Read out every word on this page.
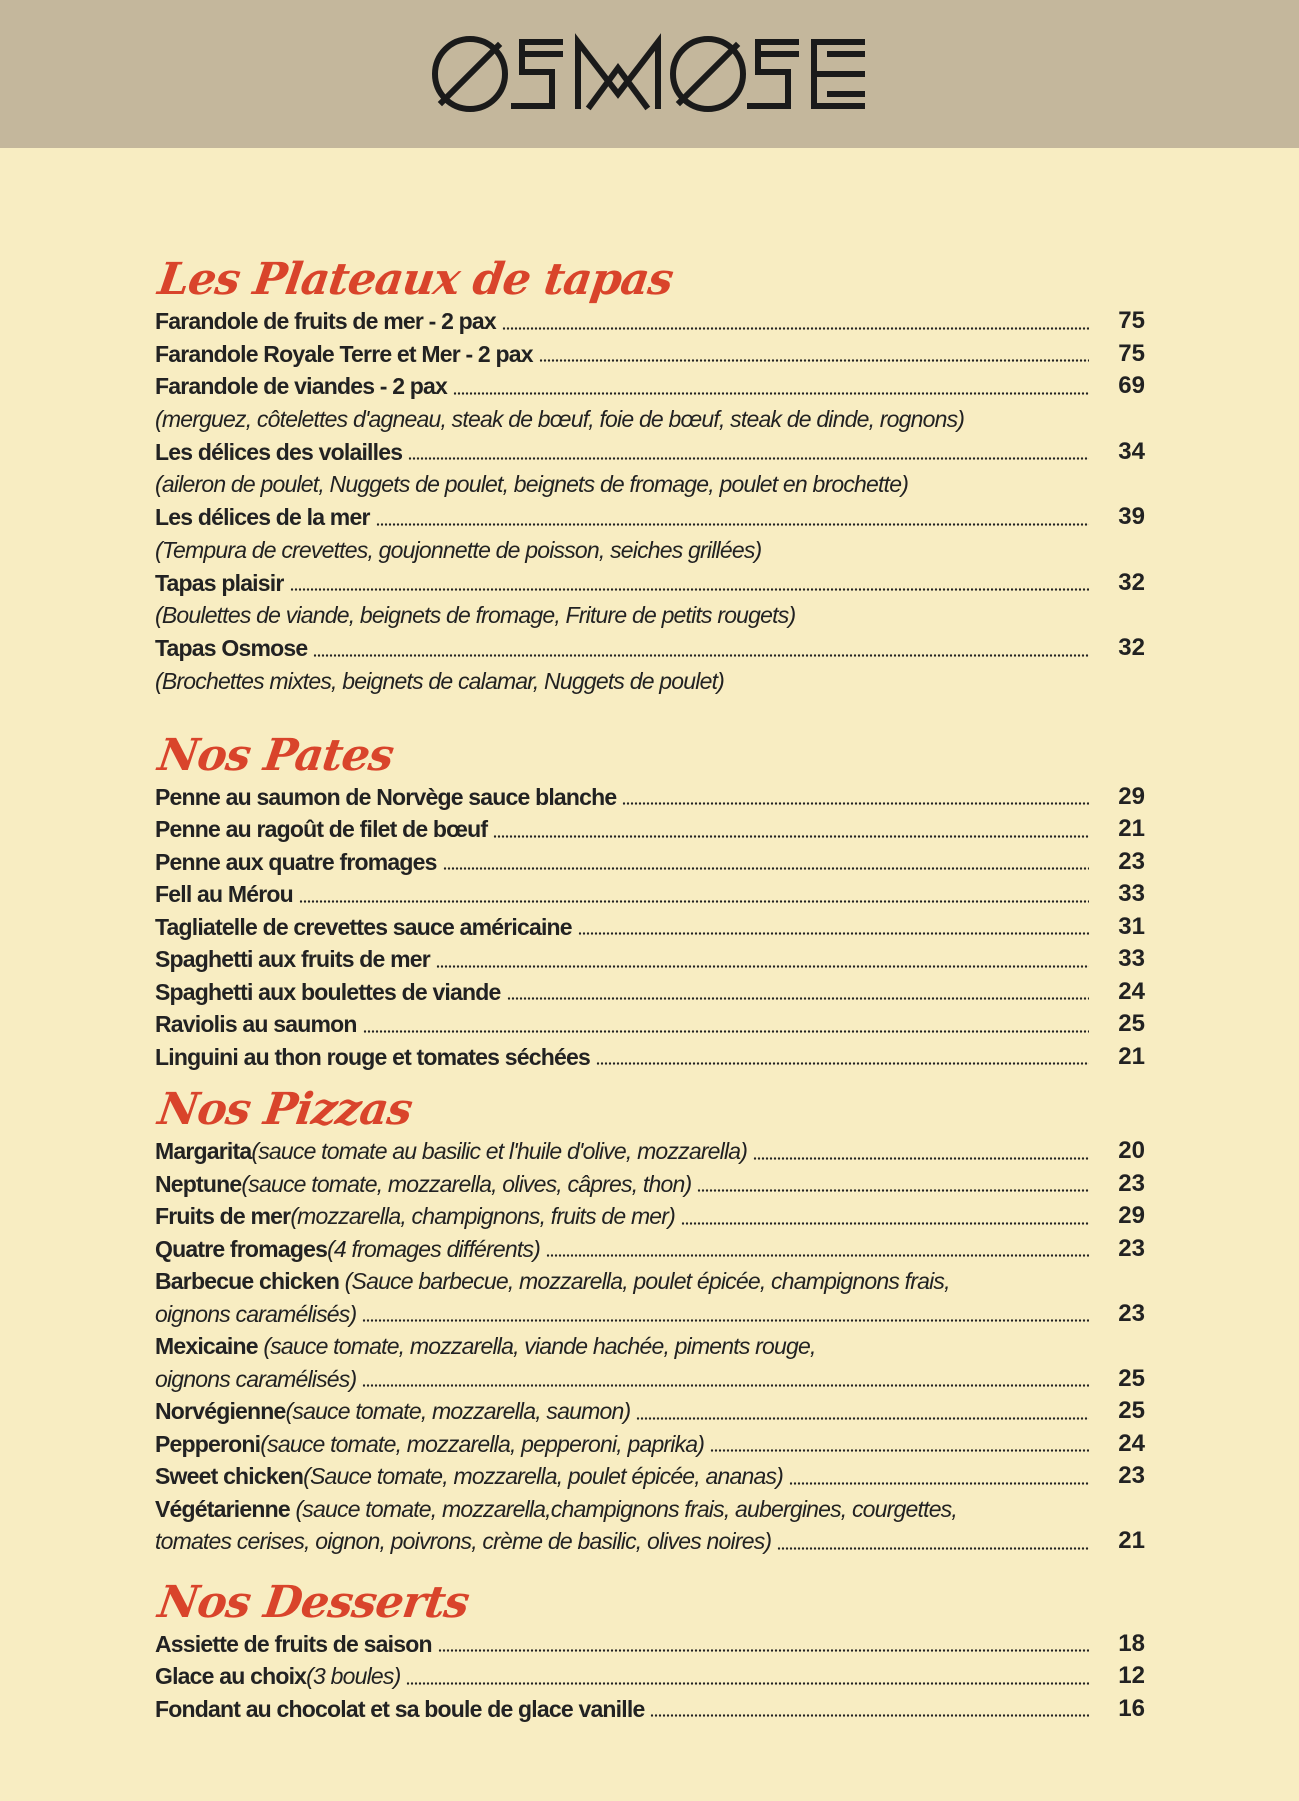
Les Plateaux de tapas
Farandole de fruits de mer - 2 pax	75
Farandole Royale Terre et Mer - 2 pax	75
Farandole de viandes - 2 pax	69
(merguez, côtelettes d'agneau, steak de bœuf, foie de bœuf, steak de dinde, rognons)
Les délices des volailles	34
(aileron de poulet, Nuggets de poulet, beignets de fromage, poulet en brochette)
Les délices de la mer	39
(Tempura de crevettes, goujonnette de poisson, seiches grillées)
Tapas plaisir	32
(Boulettes de viande, beignets de fromage, Friture de petits rougets)
Tapas Osmose	32
(Brochettes mixtes, beignets de calamar, Nuggets de poulet)
Nos Pates
Penne au saumon de Norvège sauce blanche	29
Penne au ragoût de filet de bœuf	21
Penne aux quatre fromages	23
Fell au Mérou	33
Tagliatelle de crevettes sauce américaine	31
Spaghetti aux fruits de mer	33
Spaghetti aux boulettes de viande	24
Raviolis au saumon	25
Linguini au thon rouge et tomates séchées	21
Nos Pizzas
Margarita (sauce tomate au basilic et l'huile d'olive, mozzarella)	20
Neptune (sauce tomate, mozzarella, olives, câpres, thon)	23
Fruits de mer (mozzarella, champignons, fruits de mer)	29
Quatre fromages (4 fromages différents)	23
Barbecue chicken (Sauce barbecue, mozzarella, poulet épicée, champignons frais,
oignons caramélisés)	23
Mexicaine (sauce tomate, mozzarella, viande hachée, piments rouge,
oignons caramélisés)	25
Norvégienne (sauce tomate, mozzarella, saumon)	25
Pepperoni (sauce tomate, mozzarella, pepperoni, paprika)	24
Sweet chicken (Sauce tomate, mozzarella, poulet épicée, ananas)	23
Végétarienne (sauce tomate, mozzarella,champignons frais, aubergines, courgettes,
tomates cerises, oignon, poivrons, crème de basilic, olives noires)	21
Nos Desserts
Assiette de fruits de saison	18
Glace au choix (3 boules)	12
Fondant au chocolat et sa boule de glace vanille	16
